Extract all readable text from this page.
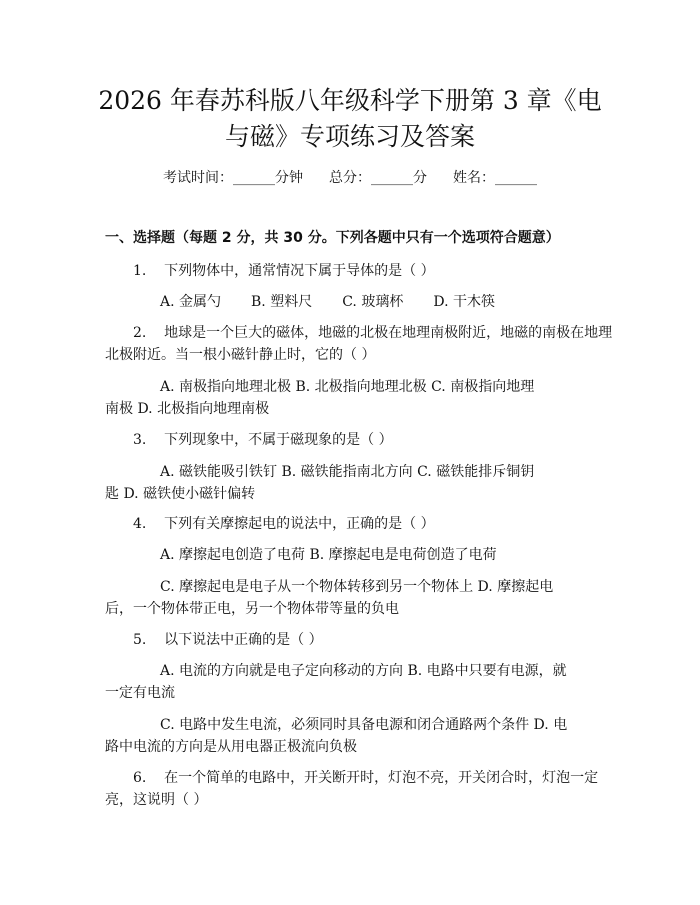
2026 年春苏科版八年级科学下册第 3 章《电
与磁》专项练习及答案
考试时间：______分钟 总分：______分 姓名：______
一、选择题（每题 2 分，共 30 分。下列各题中只有一个选项符合题意）
1. 下列物体中，通常情况下属于导体的是（ ）
A. 金属勺 B. 塑料尺 C. 玻璃杯 D. 干木筷
2. 地球是一个巨大的磁体，地磁的北极在地理南极附近，地磁的南极在地理
北极附近。当一根小磁针静止时，它的（ ）
A. 南极指向地理北极 B. 北极指向地理北极 C. 南极指向地理
南极 D. 北极指向地理南极
3. 下列现象中，不属于磁现象的是（ ）
A. 磁铁能吸引铁钉 B. 磁铁能指南北方向 C. 磁铁能排斥铜钥
匙 D. 磁铁使小磁针偏转
4. 下列有关摩擦起电的说法中，正确的是（ ）
A. 摩擦起电创造了电荷 B. 摩擦起电是电荷创造了电荷
C. 摩擦起电是电子从一个物体转移到另一个物体上 D. 摩擦起电
后，一个物体带正电，另一个物体带等量的负电
5. 以下说法中正确的是（ ）
A. 电流的方向就是电子定向移动的方向 B. 电路中只要有电源，就
一定有电流
C. 电路中发生电流，必须同时具备电源和闭合通路两个条件 D. 电
路中电流的方向是从用电器正极流向负极
6. 在一个简单的电路中，开关断开时，灯泡不亮，开关闭合时，灯泡一定
亮，这说明（ ）
